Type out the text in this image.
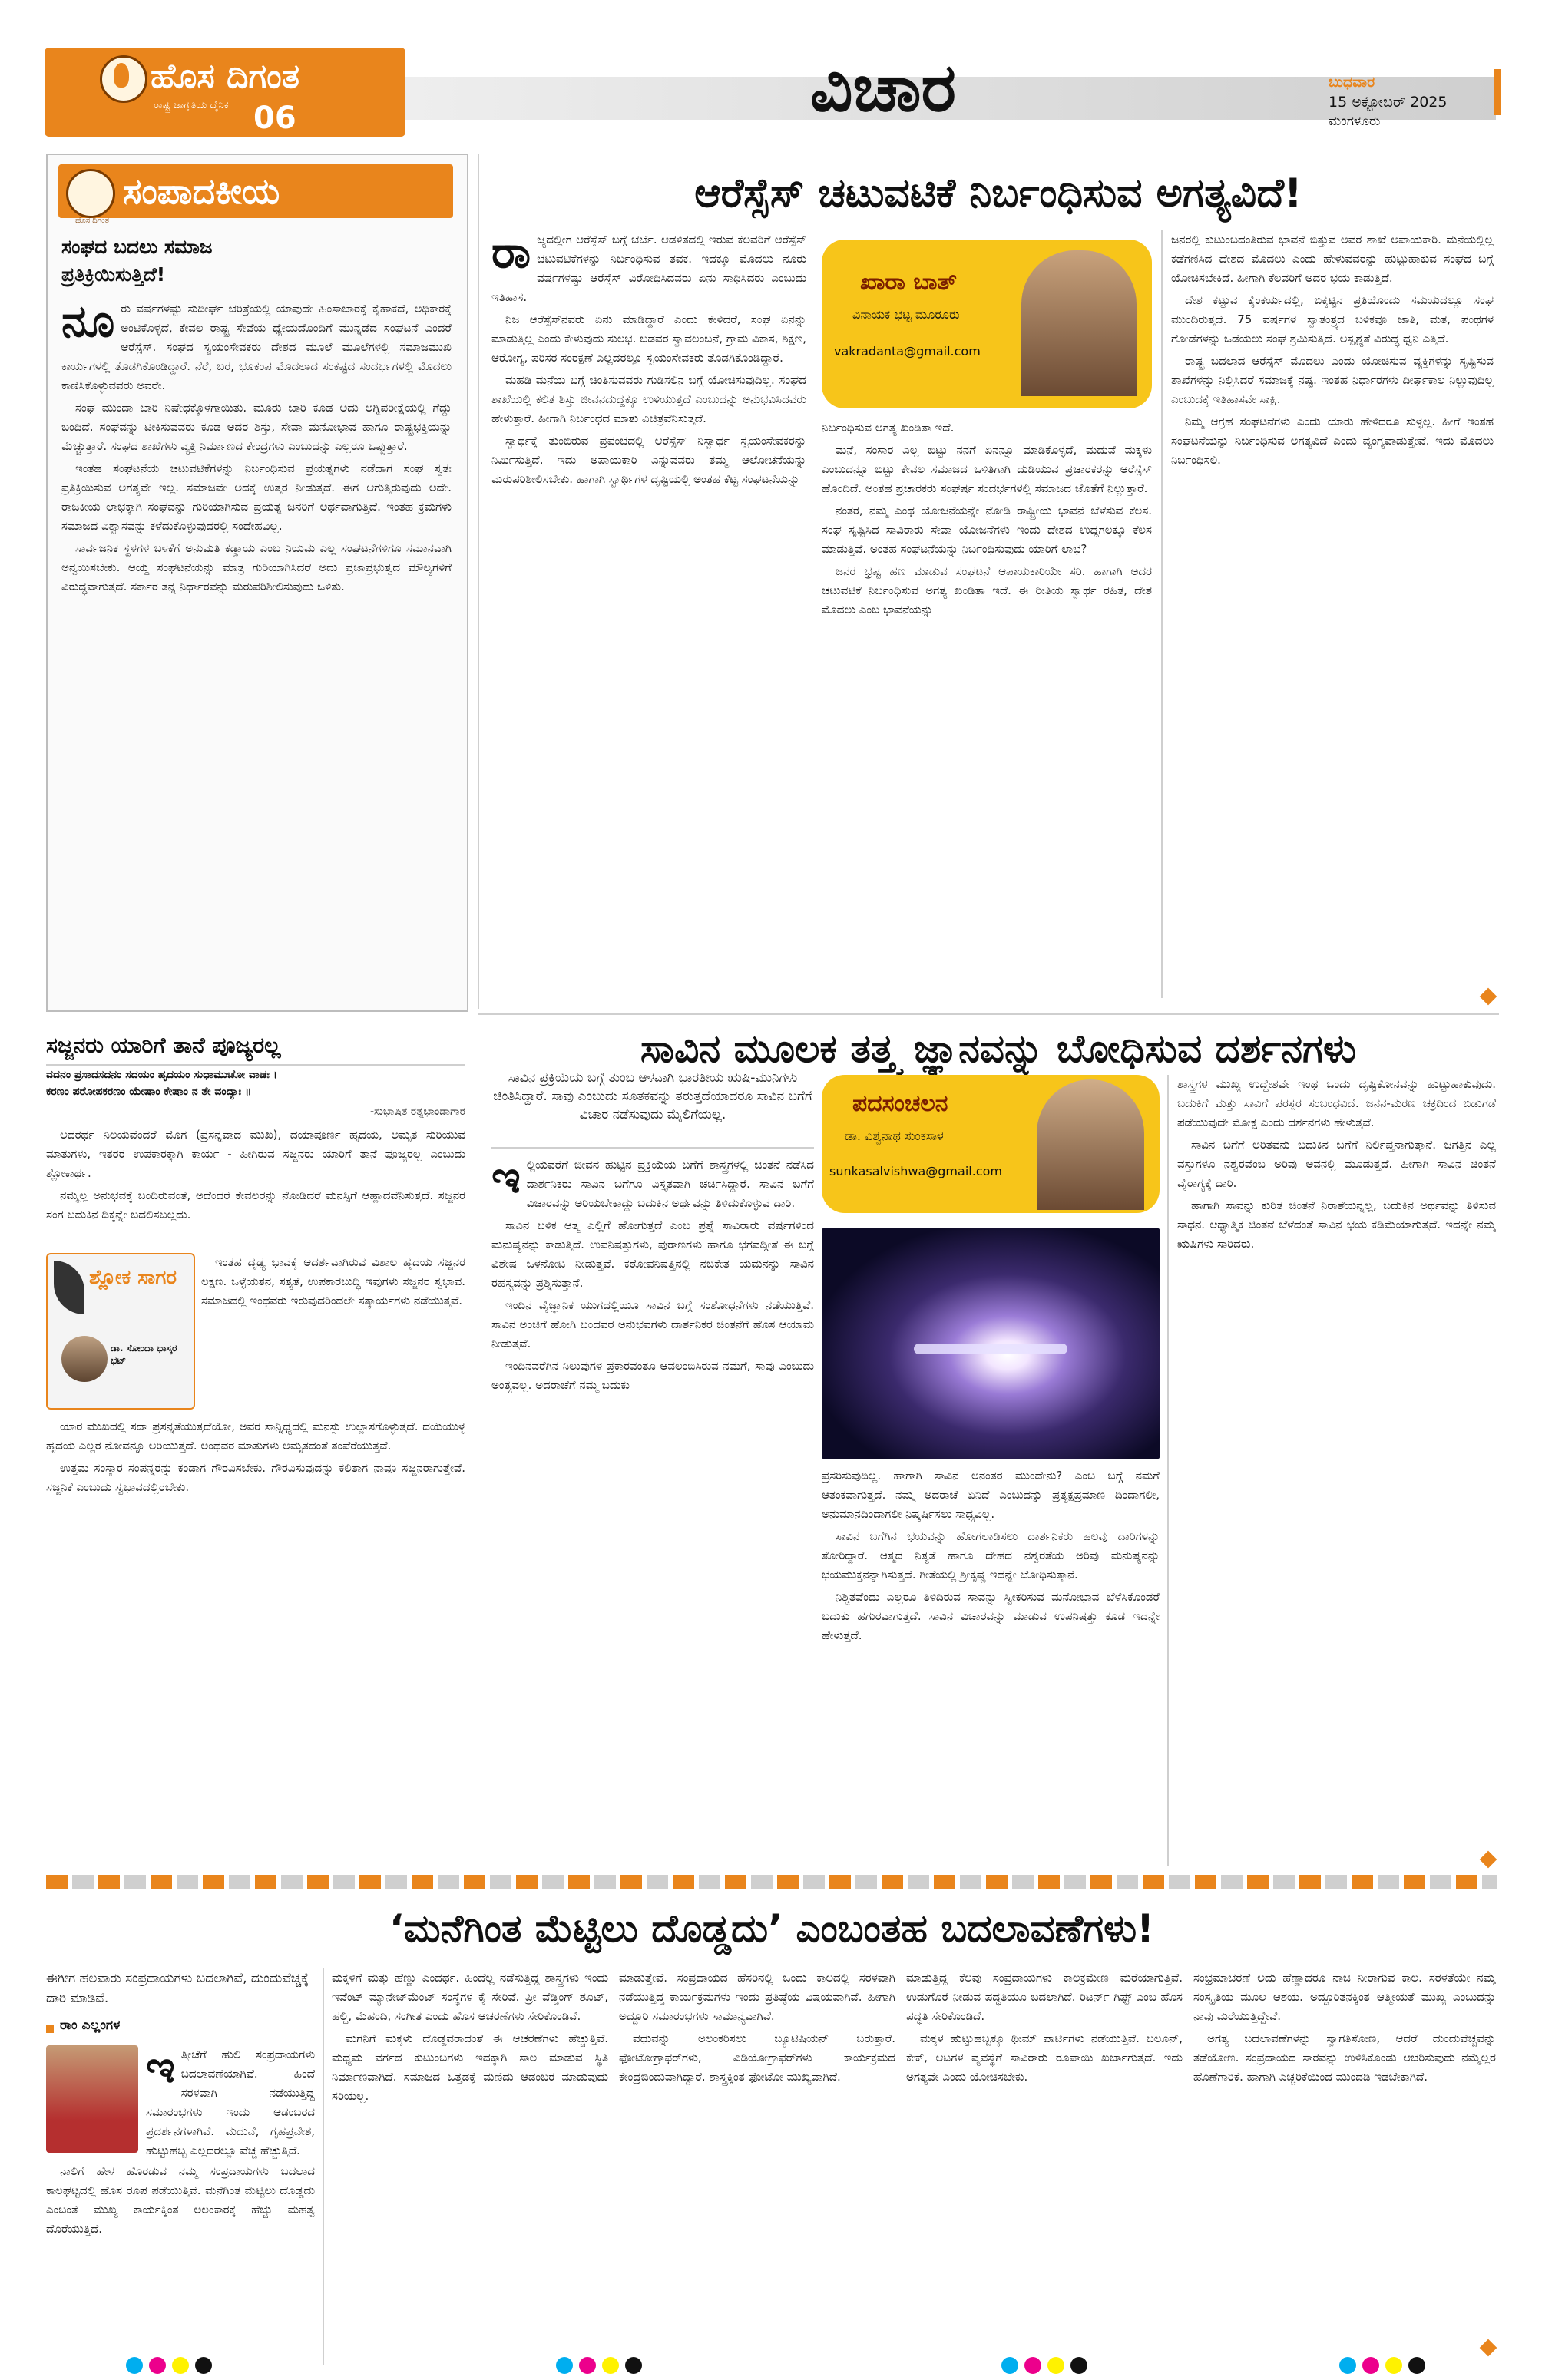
ಹೊಸ ದಿಗಂತ
ರಾಷ್ಟ್ರ ಜಾಗೃತಿಯ ದೈನಿಕ 06	ವಿಚಾರ	ಬುಧವಾರ
15 ಅಕ್ಟೋಬರ್ 2025
ಮಂಗಳೂರು
ಹೊಸ ದಿಗಂತ
ಸಂಪಾದಕೀಯ
ಸಂಘದ ಬದಲು ಸಮಾಜ ಪ್ರತಿಕ್ರಿಯಿಸುತ್ತಿದೆ!
ನೂ ರು ವರ್ಷಗಳಷ್ಟು ಸುದೀರ್ಘ ಚರಿತ್ರೆಯಲ್ಲಿ ಯಾವುದೇ ಹಿಂಸಾಚಾರಕ್ಕೆ ಕೈಹಾಕದೆ, ಅಧಿಕಾರಕ್ಕೆ ಅಂಟಿಕೊಳ್ಳದೆ, ಕೇವಲ ರಾಷ್ಟ್ರ ಸೇವೆಯ ಧ್ಯೇಯದೊಂದಿಗೆ ಮುನ್ನಡೆದ ಸಂಘಟನೆ ಎಂದರೆ ಆರೆಸ್ಸೆಸ್. ಸಂಘದ ಸ್ವಯಂಸೇವಕರು ದೇಶದ ಮೂಲೆ ಮೂಲೆಗಳಲ್ಲಿ ಸಮಾಜಮುಖಿ ಕಾರ್ಯಗಳಲ್ಲಿ ತೊಡಗಿಕೊಂಡಿದ್ದಾರೆ. ನೆರೆ, ಬರ, ಭೂಕಂಪ ಮೊದಲಾದ ಸಂಕಷ್ಟದ ಸಂದರ್ಭಗಳಲ್ಲಿ ಮೊದಲು ಕಾಣಿಸಿಕೊಳ್ಳುವವರು ಅವರೇ.

ಸಂಘ ಮುಂದಾ ಬಾರಿ ನಿಷೇಧಕ್ಕೊಳಗಾಯಿತು. ಮೂರು ಬಾರಿ ಕೂಡ ಅದು ಅಗ್ನಿಪರೀಕ್ಷೆಯಲ್ಲಿ ಗೆದ್ದು ಬಂದಿದೆ. ಸಂಘವನ್ನು ಟೀಕಿಸುವವರು ಕೂಡ ಅದರ ಶಿಸ್ತು, ಸೇವಾ ಮನೋಭಾವ ಹಾಗೂ ರಾಷ್ಟ್ರಭಕ್ತಿಯನ್ನು ಮೆಚ್ಚುತ್ತಾರೆ. ಸಂಘದ ಶಾಖೆಗಳು ವ್ಯಕ್ತಿ ನಿರ್ಮಾಣದ ಕೇಂದ್ರಗಳು ಎಂಬುದನ್ನು ಎಲ್ಲರೂ ಒಪ್ಪುತ್ತಾರೆ.

ಇಂತಹ ಸಂಘಟನೆಯ ಚಟುವಟಿಕೆಗಳನ್ನು ನಿರ್ಬಂಧಿಸುವ ಪ್ರಯತ್ನಗಳು ನಡೆದಾಗ ಸಂಘ ಸ್ವತಃ ಪ್ರತಿಕ್ರಿಯಿಸುವ ಅಗತ್ಯವೇ ಇಲ್ಲ. ಸಮಾಜವೇ ಅದಕ್ಕೆ ಉತ್ತರ ನೀಡುತ್ತದೆ. ಈಗ ಆಗುತ್ತಿರುವುದು ಅದೇ. ರಾಜಕೀಯ ಲಾಭಕ್ಕಾಗಿ ಸಂಘವನ್ನು ಗುರಿಯಾಗಿಸುವ ಪ್ರಯತ್ನ ಜನರಿಗೆ ಅರ್ಥವಾಗುತ್ತಿದೆ. ಇಂತಹ ಕ್ರಮಗಳು ಸಮಾಜದ ವಿಶ್ವಾಸವನ್ನು ಕಳೆದುಕೊಳ್ಳುವುದರಲ್ಲಿ ಸಂದೇಹವಿಲ್ಲ.

ಸಾರ್ವಜನಿಕ ಸ್ಥಳಗಳ ಬಳಕೆಗೆ ಅನುಮತಿ ಕಡ್ಡಾಯ ಎಂಬ ನಿಯಮ ಎಲ್ಲ ಸಂಘಟನೆಗಳಿಗೂ ಸಮಾನವಾಗಿ ಅನ್ವಯಿಸಬೇಕು. ಆಯ್ದ ಸಂಘಟನೆಯನ್ನು ಮಾತ್ರ ಗುರಿಯಾಗಿಸಿದರೆ ಅದು ಪ್ರಜಾಪ್ರಭುತ್ವದ ಮೌಲ್ಯಗಳಿಗೆ ವಿರುದ್ಧವಾಗುತ್ತದೆ. ಸರ್ಕಾರ ತನ್ನ ನಿರ್ಧಾರವನ್ನು ಮರುಪರಿಶೀಲಿಸುವುದು ಒಳಿತು.

ಆರೆಸ್ಸೆಸ್ ಚಟುವಟಿಕೆ ನಿರ್ಬಂಧಿಸುವ ಅಗತ್ಯವಿದೆ!
ರಾ ಜ್ಯದಲ್ಲೀಗ ಆರೆಸ್ಸೆಸ್ ಬಗ್ಗೆ ಚರ್ಚೆ. ಆಡಳಿತದಲ್ಲಿ ಇರುವ ಕೆಲವರಿಗೆ ಆರೆಸ್ಸೆಸ್ ಚಟುವಟಿಕೆಗಳನ್ನು ನಿರ್ಬಂಧಿಸುವ ತವಕ. ಇದಕ್ಕೂ ಮೊದಲು ನೂರು ವರ್ಷಗಳಷ್ಟು ಆರೆಸ್ಸೆಸ್ ವಿರೋಧಿಸಿದವರು ಏನು ಸಾಧಿಸಿದರು ಎಂಬುದು ಇತಿಹಾಸ.

ನಿಜ ಆರೆಸ್ಸೆಸ್‌ನವರು ಏನು ಮಾಡಿದ್ದಾರೆ ಎಂದು ಕೇಳಿದರೆ, ಸಂಘ ಏನನ್ನು ಮಾಡುತ್ತಿಲ್ಲ ಎಂದು ಕೇಳುವುದು ಸುಲಭ. ಬಡವರ ಸ್ವಾವಲಂಬನೆ, ಗ್ರಾಮ ವಿಕಾಸ, ಶಿಕ್ಷಣ, ಆರೋಗ್ಯ, ಪರಿಸರ ಸಂರಕ್ಷಣೆ ಎಲ್ಲದರಲ್ಲೂ ಸ್ವಯಂಸೇವಕರು ತೊಡಗಿಕೊಂಡಿದ್ದಾರೆ.

ಮಹಡಿ ಮನೆಯ ಬಗ್ಗೆ ಚಿಂತಿಸುವವರು ಗುಡಿಸಲಿನ ಬಗ್ಗೆ ಯೋಚಿಸುವುದಿಲ್ಲ. ಸಂಘದ ಶಾಖೆಯಲ್ಲಿ ಕಲಿತ ಶಿಸ್ತು ಜೀವನದುದ್ದಕ್ಕೂ ಉಳಿಯುತ್ತದೆ ಎಂಬುದನ್ನು ಅನುಭವಿಸಿದವರು ಹೇಳುತ್ತಾರೆ. ಹೀಗಾಗಿ ನಿರ್ಬಂಧದ ಮಾತು ವಿಚಿತ್ರವೆನಿಸುತ್ತದೆ.

ಸ್ವಾರ್ಥಕ್ಕೆ ತುಂಬಿರುವ ಪ್ರಪಂಚದಲ್ಲಿ ಆರೆಸ್ಸೆಸ್ ನಿಸ್ವಾರ್ಥ ಸ್ವಯಂಸೇವಕರನ್ನು ನಿರ್ಮಿಸುತ್ತಿದೆ. ಇದು ಅಪಾಯಕಾರಿ ಎನ್ನುವವರು ತಮ್ಮ ಆಲೋಚನೆಯನ್ನು ಮರುಪರಿಶೀಲಿಸಬೇಕು. ಹಾಗಾಗಿ ಸ್ವಾರ್ಥಿಗಳ ದೃಷ್ಟಿಯಲ್ಲಿ ಅಂತಹ ಕೆಟ್ಟ ಸಂಘಟನೆಯನ್ನು

ಖಾರಾ ಬಾತ್
ವಿನಾಯಕ ಭಟ್ಟ ಮೂರೂರು
vakradanta@gmail.com

ನಿರ್ಬಂಧಿಸುವ ಅಗತ್ಯ ಖಂಡಿತಾ ಇದೆ.

ಮನೆ, ಸಂಸಾರ ಎಲ್ಲ ಬಿಟ್ಟು ನನಗೆ ಏನನ್ನೂ ಮಾಡಿಕೊಳ್ಳದೆ, ಮದುವೆ ಮಕ್ಕಳು ಎಂಬುದನ್ನೂ ಬಿಟ್ಟು ಕೇವಲ ಸಮಾಜದ ಒಳಿತಿಗಾಗಿ ದುಡಿಯುವ ಪ್ರಚಾರಕರನ್ನು ಆರೆಸ್ಸೆಸ್ ಹೊಂದಿದೆ. ಅಂತಹ ಪ್ರಚಾರಕರು ಸಂಘರ್ಷ ಸಂದರ್ಭಗಳಲ್ಲಿ ಸಮಾಜದ ಜೊತೆಗೆ ನಿಲ್ಲುತ್ತಾರೆ.

ನಂತರ, ನಮ್ಮ ಎಂಥ ಯೋಜನೆಯನ್ನೇ ನೋಡಿ ರಾಷ್ಟ್ರೀಯ ಭಾವನೆ ಬೆಳೆಸುವ ಕೆಲಸ. ಸಂಘ ಸೃಷ್ಟಿಸಿದ ಸಾವಿರಾರು ಸೇವಾ ಯೋಜನೆಗಳು ಇಂದು ದೇಶದ ಉದ್ದಗಲಕ್ಕೂ ಕೆಲಸ ಮಾಡುತ್ತಿವೆ. ಅಂತಹ ಸಂಘಟನೆಯನ್ನು ನಿರ್ಬಂಧಿಸುವುದು ಯಾರಿಗೆ ಲಾಭ?

ಜನರ ಭ್ರಷ್ಟ ಹಣ ಮಾಡುವ ಸಂಘಟನೆ ಆಪಾಯಕಾರಿಯೇ ಸರಿ. ಹಾಗಾಗಿ ಅದರ ಚಟುವಟಿಕೆ ನಿರ್ಬಂಧಿಸುವ ಅಗತ್ಯ ಖಂಡಿತಾ ಇದೆ. ಈ ರೀತಿಯ ಸ್ವಾರ್ಥ ರಹಿತ, ದೇಶ ಮೊದಲು ಎಂಬ ಭಾವನೆಯನ್ನು

ಜನರಲ್ಲಿ ಕುಟುಂಬದಂತಿರುವ ಭಾವನೆ ಬಿತ್ತುವ ಅವರ ಶಾಖೆ ಅಪಾಯಕಾರಿ. ಮನೆಯಲ್ಲಿಲ್ಲ ಕಡೆಗಣಿಸಿದ ದೇಶದ ಮೊದಲು ಎಂದು ಹೇಳುವವರನ್ನು ಹುಟ್ಟುಹಾಕುವ ಸಂಘದ ಬಗ್ಗೆ ಯೋಚಿಸಬೇಕಿದೆ. ಹೀಗಾಗಿ ಕೆಲವರಿಗೆ ಅದರ ಭಯ ಕಾಡುತ್ತಿದೆ.

ದೇಶ ಕಟ್ಟುವ ಕೈಂಕರ್ಯದಲ್ಲಿ, ಬಿಕ್ಕಟ್ಟಿನ ಪ್ರತಿಯೊಂದು ಸಮಯದಲ್ಲೂ ಸಂಘ ಮುಂದಿರುತ್ತದೆ. 75 ವರ್ಷಗಳ ಸ್ವಾತಂತ್ರ್ಯದ ಬಳಿಕವೂ ಜಾತಿ, ಮತ, ಪಂಥಗಳ ಗೋಡೆಗಳನ್ನು ಒಡೆಯಲು ಸಂಘ ಶ್ರಮಿಸುತ್ತಿದೆ. ಅಸ್ಪೃಶ್ಯತೆ ವಿರುದ್ಧ ಧ್ವನಿ ಎತ್ತಿದೆ.

ರಾಷ್ಟ್ರ ಬದಲಾದ ಆರೆಸ್ಸೆಸ್ ಮೊದಲು ಎಂದು ಯೋಚಿಸುವ ವ್ಯಕ್ತಿಗಳನ್ನು ಸೃಷ್ಟಿಸುವ ಶಾಖೆಗಳನ್ನು ನಿಲ್ಲಿಸಿದರೆ ಸಮಾಜಕ್ಕೆ ನಷ್ಟ. ಇಂತಹ ನಿರ್ಧಾರಗಳು ದೀರ್ಘಕಾಲ ನಿಲ್ಲುವುದಿಲ್ಲ ಎಂಬುದಕ್ಕೆ ಇತಿಹಾಸವೇ ಸಾಕ್ಷಿ.

ನಿಮ್ಮ ಆಗ್ರಹ ಸಂಘಟನೆಗಳು ಎಂದು ಯಾರು ಹೇಳಿದರೂ ಸುಳ್ಳಲ್ಲ. ಹೀಗೆ ಇಂತಹ ಸಂಘಟನೆಯನ್ನು ನಿರ್ಬಂಧಿಸುವ ಅಗತ್ಯವಿದೆ ಎಂದು ವ್ಯಂಗ್ಯವಾಡುತ್ತೇವೆ. ಇದು ಮೊದಲು ನಿರ್ಬಂಧಿಸಲಿ.

ಸಜ್ಜನರು ಯಾರಿಗೆ ತಾನೆ ಪೂಜ್ಯರಲ್ಲ
ವದನಂ ಪ್ರಸಾದಸದನಂ ಸದಯಂ ಹೃದಯಂ ಸುಧಾಮುಚೋ ವಾಚಃ ।
ಕರಣಂ ಪರೋಪಕರಣಂ ಯೇಷಾಂ ಕೇಷಾಂ ನ ತೇ ವಂದ್ಯಾಃ ॥
-ಸುಭಾಷಿತ ರತ್ನಭಾಂಡಾಗಾರ

ಅದರರ್ಥ ನಿಲಯವೆಂದರೆ ಮೊಗ (ಪ್ರಸನ್ನವಾದ ಮುಖ), ದಯಾಪೂರ್ಣ ಹೃದಯ, ಅಮೃತ ಸುರಿಯುವ ಮಾತುಗಳು, ಇತರರ ಉಪಕಾರಕ್ಕಾಗಿ ಕಾರ್ಯ - ಹೀಗಿರುವ ಸಜ್ಜನರು ಯಾರಿಗೆ ತಾನೆ ಪೂಜ್ಯರಲ್ಲ ಎಂಬುದು ಶ್ಲೋಕಾರ್ಥ.

ನಮ್ಮೆಲ್ಲ ಅನುಭವಕ್ಕೆ ಬಂದಿರುವಂತೆ, ಅದೆಂದರೆ ಕೇವಲರನ್ನು ನೋಡಿದರೆ ಮನಸ್ಸಿಗೆ ಆಹ್ಲಾದವೆನಿಸುತ್ತದೆ. ಸಜ್ಜನರ ಸಂಗ ಬದುಕಿನ ದಿಕ್ಕನ್ನೇ ಬದಲಿಸಬಲ್ಲದು.

ಶ್ಲೋಕ ಸಾಗರ
ಡಾ. ಸೋಂದಾ ಭಾಸ್ಕರ ಭಟ್

ಇಂತಹ ದೃಢ್ಯ ಭಾವಕ್ಕೆ ಆದರ್ಶವಾಗಿರುವ ವಿಶಾಲ ಹೃದಯ ಸಜ್ಜನರ ಲಕ್ಷಣ. ಒಳ್ಳೆಯತನ, ಸತ್ಯತೆ, ಉಪಕಾರಬುದ್ಧಿ ಇವುಗಳು ಸಜ್ಜನರ ಸ್ವಭಾವ. ಸಮಾಜದಲ್ಲಿ ಇಂಥವರು ಇರುವುದರಿಂದಲೇ ಸತ್ಕಾರ್ಯಗಳು ನಡೆಯುತ್ತವೆ.

ಯಾರ ಮುಖದಲ್ಲಿ ಸದಾ ಪ್ರಸನ್ನತೆಯುತ್ತದೆಯೋ, ಅವರ ಸಾನ್ನಿಧ್ಯದಲ್ಲಿ ಮನಸ್ಸು ಉಲ್ಲಾಸಗೊಳ್ಳುತ್ತದೆ. ದಯೆಯುಳ್ಳ ಹೃದಯ ಎಲ್ಲರ ನೋವನ್ನೂ ಅರಿಯುತ್ತದೆ. ಅಂಥವರ ಮಾತುಗಳು ಅಮೃತದಂತೆ ತಂಪೆರೆಯುತ್ತವೆ.

ಉತ್ತಮ ಸಂಸ್ಕಾರ ಸಂಪನ್ನರನ್ನು ಕಂಡಾಗ ಗೌರವಿಸಬೇಕು. ಗೌರವಿಸುವುದನ್ನು ಕಲಿತಾಗ ನಾವೂ ಸಜ್ಜನರಾಗುತ್ತೇವೆ. ಸಜ್ಜನಿಕೆ ಎಂಬುದು ಸ್ವಭಾವದಲ್ಲಿರಬೇಕು.

ಸಾವಿನ ಮೂಲಕ ತತ್ತ್ವ ಜ್ಞಾನವನ್ನು ಬೋಧಿಸುವ ದರ್ಶನಗಳು
ಸಾವಿನ ಪ್ರಕ್ರಿಯೆಯ ಬಗ್ಗೆ ತುಂಬ ಆಳವಾಗಿ ಭಾರತೀಯ ಋಷಿ-ಮುನಿಗಳು ಚಿಂತಿಸಿದ್ದಾರೆ. ಸಾವು ಎಂಬುದು ಸೂತಕವನ್ನು ತರುತ್ತದೆಯಾದರೂ ಸಾವಿನ ಬಗೆಗೆ ವಿಚಾರ ನಡೆಸುವುದು ಮೈಲಿಗೆಯಲ್ಲ.
ಇ ಲ್ಲಿಯವರೆಗೆ ಜೀವನ ಹುಟ್ಟಿನ ಪ್ರಕ್ರಿಯೆಯ ಬಗೆಗೆ ಶಾಸ್ತ್ರಗಳಲ್ಲಿ ಚಿಂತನೆ ನಡೆಸಿದ ದಾರ್ಶನಿಕರು ಸಾವಿನ ಬಗೆಗೂ ವಿಸ್ತೃತವಾಗಿ ಚರ್ಚಿಸಿದ್ದಾರೆ. ಸಾವಿನ ಬಗೆಗೆ ವಿಚಾರವನ್ನು ಅರಿಯಬೇಕಾದ್ದು ಬದುಕಿನ ಅರ್ಥವನ್ನು ತಿಳಿದುಕೊಳ್ಳುವ ದಾರಿ.

ಸಾವಿನ ಬಳಿಕ ಆತ್ಮ ಎಲ್ಲಿಗೆ ಹೋಗುತ್ತದೆ ಎಂಬ ಪ್ರಶ್ನೆ ಸಾವಿರಾರು ವರ್ಷಗಳಿಂದ ಮನುಷ್ಯನನ್ನು ಕಾಡುತ್ತಿದೆ. ಉಪನಿಷತ್ತುಗಳು, ಪುರಾಣಗಳು ಹಾಗೂ ಭಗವದ್ಗೀತೆ ಈ ಬಗ್ಗೆ ವಿಶೇಷ ಒಳನೋಟ ನೀಡುತ್ತವೆ. ಕಠೋಪನಿಷತ್ತಿನಲ್ಲಿ ನಚಿಕೇತ ಯಮನನ್ನು ಸಾವಿನ ರಹಸ್ಯವನ್ನು ಪ್ರಶ್ನಿಸುತ್ತಾನೆ.

ಇಂದಿನ ವೈಜ್ಞಾನಿಕ ಯುಗದಲ್ಲಿಯೂ ಸಾವಿನ ಬಗ್ಗೆ ಸಂಶೋಧನೆಗಳು ನಡೆಯುತ್ತಿವೆ. ಸಾವಿನ ಅಂಚಿಗೆ ಹೋಗಿ ಬಂದವರ ಅನುಭವಗಳು ದಾರ್ಶನಿಕರ ಚಿಂತನೆಗೆ ಹೊಸ ಆಯಾಮ ನೀಡುತ್ತವೆ.

ಇಂದಿನವರೆಗಿನ ನಿಲುವುಗಳ ಪ್ರಕಾರವಂತೂ ಆವಲಂಬಿಸಿರುವ ನಮಗೆ, ಸಾವು ಎಂಬುದು ಅಂತ್ಯವಲ್ಲ. ಅದರಾಚೆಗೆ ನಮ್ಮ ಬದುಕು

ಪದಸಂಚಲನ
ಡಾ. ವಿಶ್ವನಾಥ ಸುಂಕಸಾಳ
sunkasalvishwa@gmail.com

ಪ್ರಸರಿಸುವುದಿಲ್ಲ. ಹಾಗಾಗಿ ಸಾವಿನ ಅನಂತರ ಮುಂದೇನು? ಎಂಬ ಬಗ್ಗೆ ನಮಗೆ ಆತಂಕವಾಗುತ್ತದೆ. ನಮ್ಮ ಅದರಾಚೆ ಏನಿದೆ ಎಂಬುದನ್ನು ಪ್ರತ್ಯಕ್ಷಪ್ರಮಾಣ ದಿಂದಾಗಲೀ, ಅನುಮಾನದಿಂದಾಗಲೀ ನಿಷ್ಕರ್ಷಿಸಲು ಸಾಧ್ಯವಿಲ್ಲ.

ಸಾವಿನ ಬಗೆಗಿನ ಭಯವನ್ನು ಹೋಗಲಾಡಿಸಲು ದಾರ್ಶನಿಕರು ಹಲವು ದಾರಿಗಳನ್ನು ತೋರಿದ್ದಾರೆ. ಆತ್ಮದ ನಿತ್ಯತೆ ಹಾಗೂ ದೇಹದ ನಶ್ವರತೆಯ ಅರಿವು ಮನುಷ್ಯನನ್ನು ಭಯಮುಕ್ತನನ್ನಾಗಿಸುತ್ತದೆ. ಗೀತೆಯಲ್ಲಿ ಶ್ರೀಕೃಷ್ಣ ಇದನ್ನೇ ಬೋಧಿಸುತ್ತಾನೆ.

ನಿಶ್ಚಿತವೆಂದು ಎಲ್ಲರೂ ತಿಳಿದಿರುವ ಸಾವನ್ನು ಸ್ವೀಕರಿಸುವ ಮನೋಭಾವ ಬೆಳೆಸಿಕೊಂಡರೆ ಬದುಕು ಹಗುರವಾಗುತ್ತದೆ. ಸಾವಿನ ವಿಚಾರವನ್ನು ಮಾಡುವ ಉಪನಿಷತ್ತು ಕೂಡ ಇದನ್ನೇ ಹೇಳುತ್ತದೆ.

ಶಾಸ್ತ್ರಗಳ ಮುಖ್ಯ ಉದ್ದೇಶವೇ ಇಂಥ ಒಂದು ದೃಷ್ಟಿಕೋನವನ್ನು ಹುಟ್ಟುಹಾಕುವುದು. ಬದುಕಿಗೆ ಮತ್ತು ಸಾವಿಗೆ ಪರಸ್ಪರ ಸಂಬಂಧವಿದೆ. ಜನನ-ಮರಣ ಚಕ್ರದಿಂದ ಬಿಡುಗಡೆ ಪಡೆಯುವುದೇ ಮೋಕ್ಷ ಎಂದು ದರ್ಶನಗಳು ಹೇಳುತ್ತವೆ.

ಸಾವಿನ ಬಗೆಗೆ ಅರಿತವನು ಬದುಕಿನ ಬಗೆಗೆ ನಿರ್ಲಿಪ್ತನಾಗುತ್ತಾನೆ. ಜಗತ್ತಿನ ಎಲ್ಲ ವಸ್ತುಗಳೂ ನಶ್ವರವೆಂಬ ಅರಿವು ಅವನಲ್ಲಿ ಮೂಡುತ್ತದೆ. ಹೀಗಾಗಿ ಸಾವಿನ ಚಿಂತನೆ ವೈರಾಗ್ಯಕ್ಕೆ ದಾರಿ.

ಹಾಗಾಗಿ ಸಾವನ್ನು ಕುರಿತ ಚಿಂತನೆ ನಿರಾಶೆಯನ್ನಲ್ಲ, ಬದುಕಿನ ಅರ್ಥವನ್ನು ತಿಳಿಸುವ ಸಾಧನ. ಆಧ್ಯಾತ್ಮಿಕ ಚಿಂತನೆ ಬೆಳೆದಂತೆ ಸಾವಿನ ಭಯ ಕಡಿಮೆಯಾಗುತ್ತದೆ. ಇದನ್ನೇ ನಮ್ಮ ಋಷಿಗಳು ಸಾರಿದರು.

‘ಮನೆಗಿಂತ ಮೆಟ್ಟಿಲು ದೊಡ್ಡದು’ ಎಂಬಂತಹ ಬದಲಾವಣೆಗಳು!
ಈಗೀಗ ಹಲವಾರು ಸಂಪ್ರದಾಯಗಳು ಬದಲಾಗಿವೆ, ದುಂದುವೆಚ್ಚಕ್ಕೆ ದಾರಿ ಮಾಡಿವೆ.
ರಾಂ ಎಲ್ಲಂಗಳ
ಇ ತ್ತೀಚೆಗೆ ಹುಲಿ ಸಂಪ್ರದಾಯಗಳು ಬದಲಾವಣೆಯಾಗಿವೆ. ಹಿಂದೆ ಸರಳವಾಗಿ ನಡೆಯುತ್ತಿದ್ದ ಸಮಾರಂಭಗಳು ಇಂದು ಆಡಂಬರದ ಪ್ರದರ್ಶನಗಳಾಗಿವೆ. ಮದುವೆ, ಗೃಹಪ್ರವೇಶ, ಹುಟ್ಟುಹಬ್ಬ ಎಲ್ಲದರಲ್ಲೂ ವೆಚ್ಚ ಹೆಚ್ಚುತ್ತಿದೆ.

ನಾಲಿಗೆ ಹೇಳ ಹೊರಡುವ ನಮ್ಮ ಸಂಪ್ರದಾಯಗಳು ಬದಲಾದ ಕಾಲಘಟ್ಟದಲ್ಲಿ ಹೊಸ ರೂಪ ಪಡೆಯುತ್ತಿವೆ. ಮನೆಗಿಂತ ಮೆಟ್ಟಿಲು ದೊಡ್ಡದು ಎಂಬಂತೆ ಮುಖ್ಯ ಕಾರ್ಯಕ್ಕಿಂತ ಅಲಂಕಾರಕ್ಕೆ ಹೆಚ್ಚು ಮಹತ್ವ ದೊರೆಯುತ್ತಿದೆ.

ಮಕ್ಕಳಿಗೆ ಮತ್ತು ಹೆಣ್ಣು ಎಂದರ್ಥ. ಹಿಂದೆಲ್ಲ ನಡೆಸುತ್ತಿದ್ದ ಶಾಸ್ತ್ರಗಳು ಇಂದು ಇವೆಂಟ್ ಮ್ಯಾನೇಜ್‌ಮೆಂಟ್ ಸಂಸ್ಥೆಗಳ ಕೈ ಸೇರಿವೆ. ಪ್ರೀ ವೆಡ್ಡಿಂಗ್ ಶೂಟ್, ಹಲ್ದಿ, ಮೆಹಂದಿ, ಸಂಗೀತ ಎಂದು ಹೊಸ ಆಚರಣೆಗಳು ಸೇರಿಕೊಂಡಿವೆ.

ಮಗನಿಗೆ ಮಕ್ಕಳು ದೊಡ್ಡವರಾದಂತೆ ಈ ಆಚರಣೆಗಳು ಹೆಚ್ಚುತ್ತಿವೆ. ಮಧ್ಯಮ ವರ್ಗದ ಕುಟುಂಬಗಳು ಇದಕ್ಕಾಗಿ ಸಾಲ ಮಾಡುವ ಸ್ಥಿತಿ ನಿರ್ಮಾಣವಾಗಿದೆ. ಸಮಾಜದ ಒತ್ತಡಕ್ಕೆ ಮಣಿದು ಆಡಂಬರ ಮಾಡುವುದು ಸರಿಯಲ್ಲ.

ಮಾಡುತ್ತೇವೆ. ಸಂಪ್ರದಾಯದ ಹೆಸರಿನಲ್ಲಿ ಒಂದು ಕಾಲದಲ್ಲಿ ಸರಳವಾಗಿ ನಡೆಯುತ್ತಿದ್ದ ಕಾರ್ಯಕ್ರಮಗಳು ಇಂದು ಪ್ರತಿಷ್ಠೆಯ ವಿಷಯವಾಗಿವೆ. ಹೀಗಾಗಿ ಅದ್ದೂರಿ ಸಮಾರಂಭಗಳು ಸಾಮಾನ್ಯವಾಗಿವೆ.

ವಧುವನ್ನು ಅಲಂಕರಿಸಲು ಬ್ಯೂಟಿಷಿಯನ್ ಬರುತ್ತಾರೆ. ಫೋಟೋಗ್ರಾಫರ್‌ಗಳು, ವಿಡಿಯೋಗ್ರಾಫರ್‌ಗಳು ಕಾರ್ಯಕ್ರಮದ ಕೇಂದ್ರಬಿಂದುವಾಗಿದ್ದಾರೆ. ಶಾಸ್ತ್ರಕ್ಕಿಂತ ಫೋಟೋ ಮುಖ್ಯವಾಗಿದೆ.

ಮಾಡುತ್ತಿದ್ದ ಕೆಲವು ಸಂಪ್ರದಾಯಗಳು ಕಾಲಕ್ರಮೇಣ ಮರೆಯಾಗುತ್ತಿವೆ. ಉಡುಗೊರೆ ನೀಡುವ ಪದ್ಧತಿಯೂ ಬದಲಾಗಿದೆ. ರಿಟರ್ನ್ ಗಿಫ್ಟ್ ಎಂಬ ಹೊಸ ಪದ್ಧತಿ ಸೇರಿಕೊಂಡಿದೆ.

ಮಕ್ಕಳ ಹುಟ್ಟುಹಬ್ಬಕ್ಕೂ ಥೀಮ್ ಪಾರ್ಟಿಗಳು ನಡೆಯುತ್ತಿವೆ. ಬಲೂನ್, ಕೇಕ್, ಆಟಗಳ ವ್ಯವಸ್ಥೆಗೆ ಸಾವಿರಾರು ರೂಪಾಯಿ ಖರ್ಚಾಗುತ್ತದೆ. ಇದು ಅಗತ್ಯವೇ ಎಂದು ಯೋಚಿಸಬೇಕು.

ಸಂಭ್ರಮಾಚರಣೆ ಅದು ಹೆಣ್ಣಾದರೂ ನಾಚಿ ನೀರಾಗುವ ಕಾಲ. ಸರಳತೆಯೇ ನಮ್ಮ ಸಂಸ್ಕೃತಿಯ ಮೂಲ ಆಶಯ. ಅದ್ದೂರಿತನಕ್ಕಿಂತ ಆತ್ಮೀಯತೆ ಮುಖ್ಯ ಎಂಬುದನ್ನು ನಾವು ಮರೆಯುತ್ತಿದ್ದೇವೆ.

ಅಗತ್ಯ ಬದಲಾವಣೆಗಳನ್ನು ಸ್ವಾಗತಿಸೋಣ, ಆದರೆ ದುಂದುವೆಚ್ಚವನ್ನು ತಡೆಯೋಣ. ಸಂಪ್ರದಾಯದ ಸಾರವನ್ನು ಉಳಿಸಿಕೊಂಡು ಆಚರಿಸುವುದು ನಮ್ಮೆಲ್ಲರ ಹೊಣೆಗಾರಿಕೆ. ಹಾಗಾಗಿ ಎಚ್ಚರಿಕೆಯಿಂದ ಮುಂದಡಿ ಇಡಬೇಕಾಗಿದೆ.
